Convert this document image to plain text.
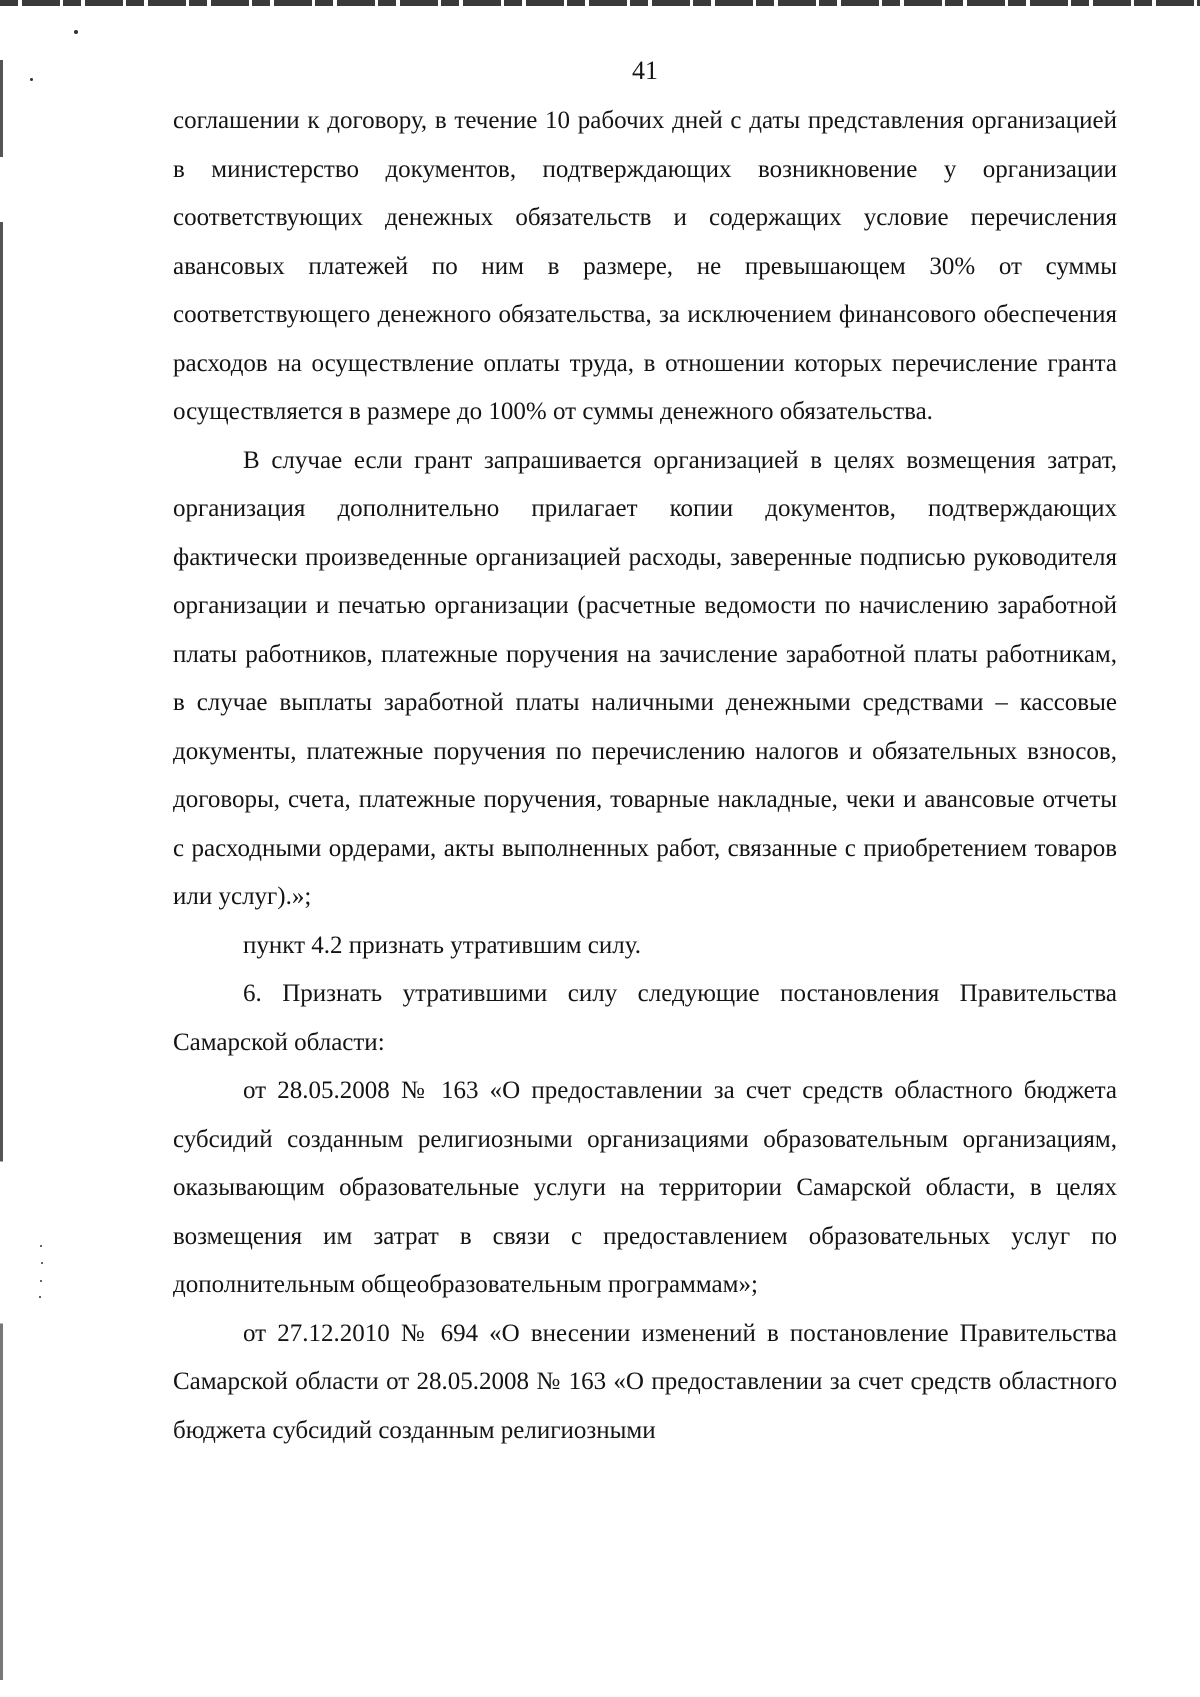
41

соглашении к договору, в течение 10 рабочих дней с даты представления организацией в министерство документов, подтверждающих возникновение у организации соответствующих денежных обязательств и содержащих условие перечисления авансовых платежей по ним в размере, не превышающем 30% от суммы соответствующего денежного обязательства, за исключением финансового обеспечения расходов на осуществление оплаты труда, в отношении которых перечисление гранта осуществляется в размере до 100% от суммы денежного обязательства.

В случае если грант запрашивается организацией в целях возмещения затрат, организация дополнительно прилагает копии документов, подтверждающих фактически произведенные организацией расходы, заверенные подписью руководителя организации и печатью организации (расчетные ведомости по начислению заработной платы работников, платежные поручения на зачисление заработной платы работникам, в случае выплаты заработной платы наличными денежными средствами – кассовые документы, платежные поручения по перечислению налогов и обязательных взносов, договоры, счета, платежные поручения, товарные накладные, чеки и авансовые отчеты с расходными ордерами, акты выполненных работ, связанные с приобретением товаров или услуг).»;

пункт 4.2 признать утратившим силу.

6. Признать утратившими силу следующие постановления Правительства Самарской области:

от 28.05.2008 № 163 «О предоставлении за счет средств областного бюджета субсидий созданным религиозными организациями образовательным организациям, оказывающим образовательные услуги на территории Самарской области, в целях возмещения им затрат в связи с предоставлением образовательных услуг по дополнительным общеобразовательным программам»;

от 27.12.2010 № 694 «О внесении изменений в постановление Правительства Самарской области от 28.05.2008 № 163 «О предоставлении за счет средств областного бюджета субсидий созданным религиозными
